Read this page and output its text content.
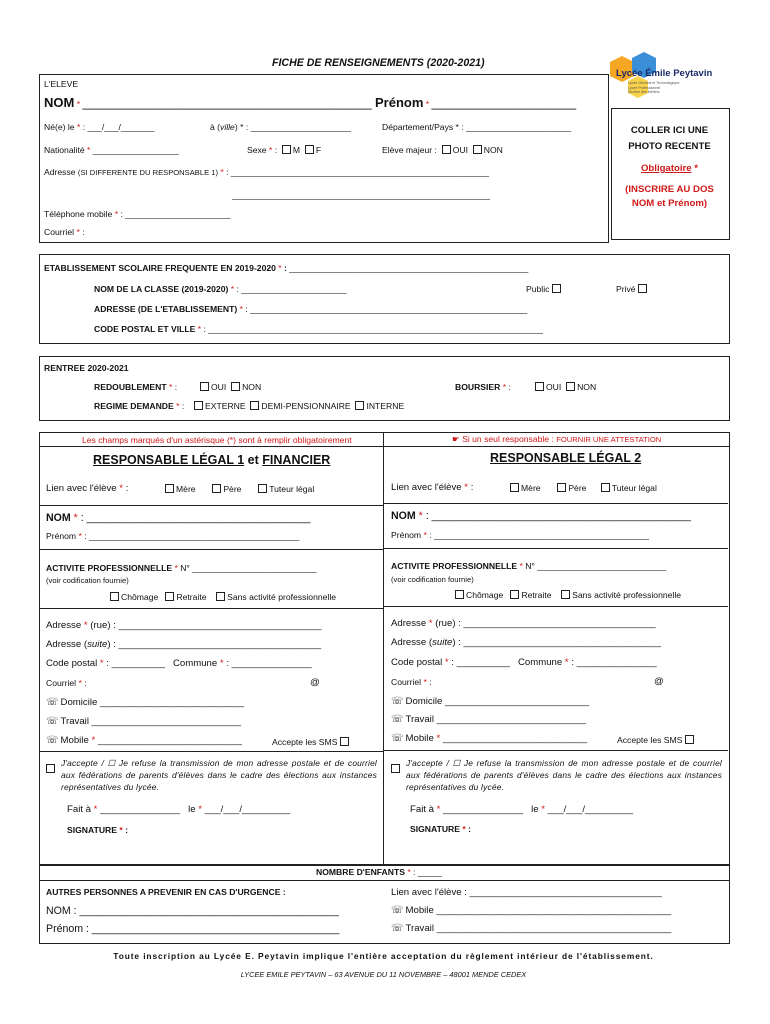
FICHE DE RENSEIGNEMENTS (2020-2021)
Lycée Émile Peytavin
Lycée Général et Technologique
Lycée Professionnel
Section des Métiers
L'ELEVE
NOM * ________________________________________ Prénom * ____________________
Né(e) le * : ___/___/_______	à (ville) * : _____________________	Département/Pays * : ______________________
Nationalité * __________________	Sexe * :  M F	Elève majeur : OUI NON
Adresse (SI DIFFERENTE DU RESPONSABLE 1) * : ______________________________________________________
______________________________________________________
Téléphone mobile * : ______________________
Courriel * :
COLLER ICI UNE
PHOTO RECENTE
Obligatoire *
(INSCRIRE AU DOS
NOM et Prénom)
ETABLISSEMENT SCOLAIRE FREQUENTE EN 2019-2020 * : __________________________________________________
NOM DE LA CLASSE (2019-2020) * : ______________________	Public	Privé
ADRESSE (DE L'ETABLISSEMENT) * : __________________________________________________________
CODE POSTAL ET VILLE * : ______________________________________________________________________
RENTREE 2020-2021
REDOUBLEMENT * :	OUI NON	BOURSIER * :	OUI NON
REGIME DEMANDE * :	EXTERNE DEMI-PENSIONNAIRE INTERNE
Les champs marqués d'un astérisque (*) sont à remplir obligatoirement	☛ Si un seul responsable : FOURNIR UNE ATTESTATION
RESPONSABLE LÉGAL 1 et FINANCIER
Lien avec l'élève * :	Mère	Père	Tuteur légal
NOM * : ______________________________________
Prénom * : ____________________________________________
ACTIVITE PROFESSIONNELLE * N° __________________________
(voir codification fournie)
Chômage Retraite Sans activité professionnelle
Adresse * (rue) : ______________________________________
Adresse (suite) : ______________________________________
Code postal * : __________ Commune * : _______________
Courriel * :	@
☏ Domicile ___________________________
☏ Travail ____________________________
☏ Mobile * ___________________________	Accepte les SMS
J'accepte / ☐ Je refuse la transmission de mon adresse postale et de courriel aux fédérations de parents d'élèves dans le cadre des élections aux instances représentatives du lycée.
Fait à * _______________ le * ___/___/_________
SIGNATURE * :
RESPONSABLE LÉGAL 2
Lien avec l'élève * :	Mère	Père	Tuteur légal
NOM * : ____________________________________________
Prénom * : _____________________________________________
ACTIVITE PROFESSIONNELLE * N° ___________________________
(voir codification fournie)
Chômage Retraite Sans activité professionnelle
Adresse * (rue) : ____________________________________
Adresse (suite) : _____________________________________
Code postal * : __________ Commune * : _______________
Courriel * :	@
☏ Domicile ___________________________
☏ Travail ____________________________
☏ Mobile * ___________________________	Accepte les SMS
J'accepte / ☐ Je refuse la transmission de mon adresse postale et de courriel aux fédérations de parents d'élèves dans le cadre des élections aux instances représentatives du lycée.
Fait à * _______________ le * ___/___/_________
SIGNATURE * :
NOMBRE D'ENFANTS * : _____
AUTRES PERSONNES A PREVENIR EN CAS D'URGENCE :
NOM : ____________________________________________
Prénom : __________________________________________
Lien avec l'élève : ____________________________________
☏ Mobile ____________________________________________
☏ Travail ____________________________________________
Toute inscription au Lycée E. Peytavin implique l'entière acceptation du règlement intérieur de l'établissement.
LYCEE EMILE PEYTAVIN – 63 AVENUE DU 11 NOVEMBRE – 48001 MENDE CEDEX
